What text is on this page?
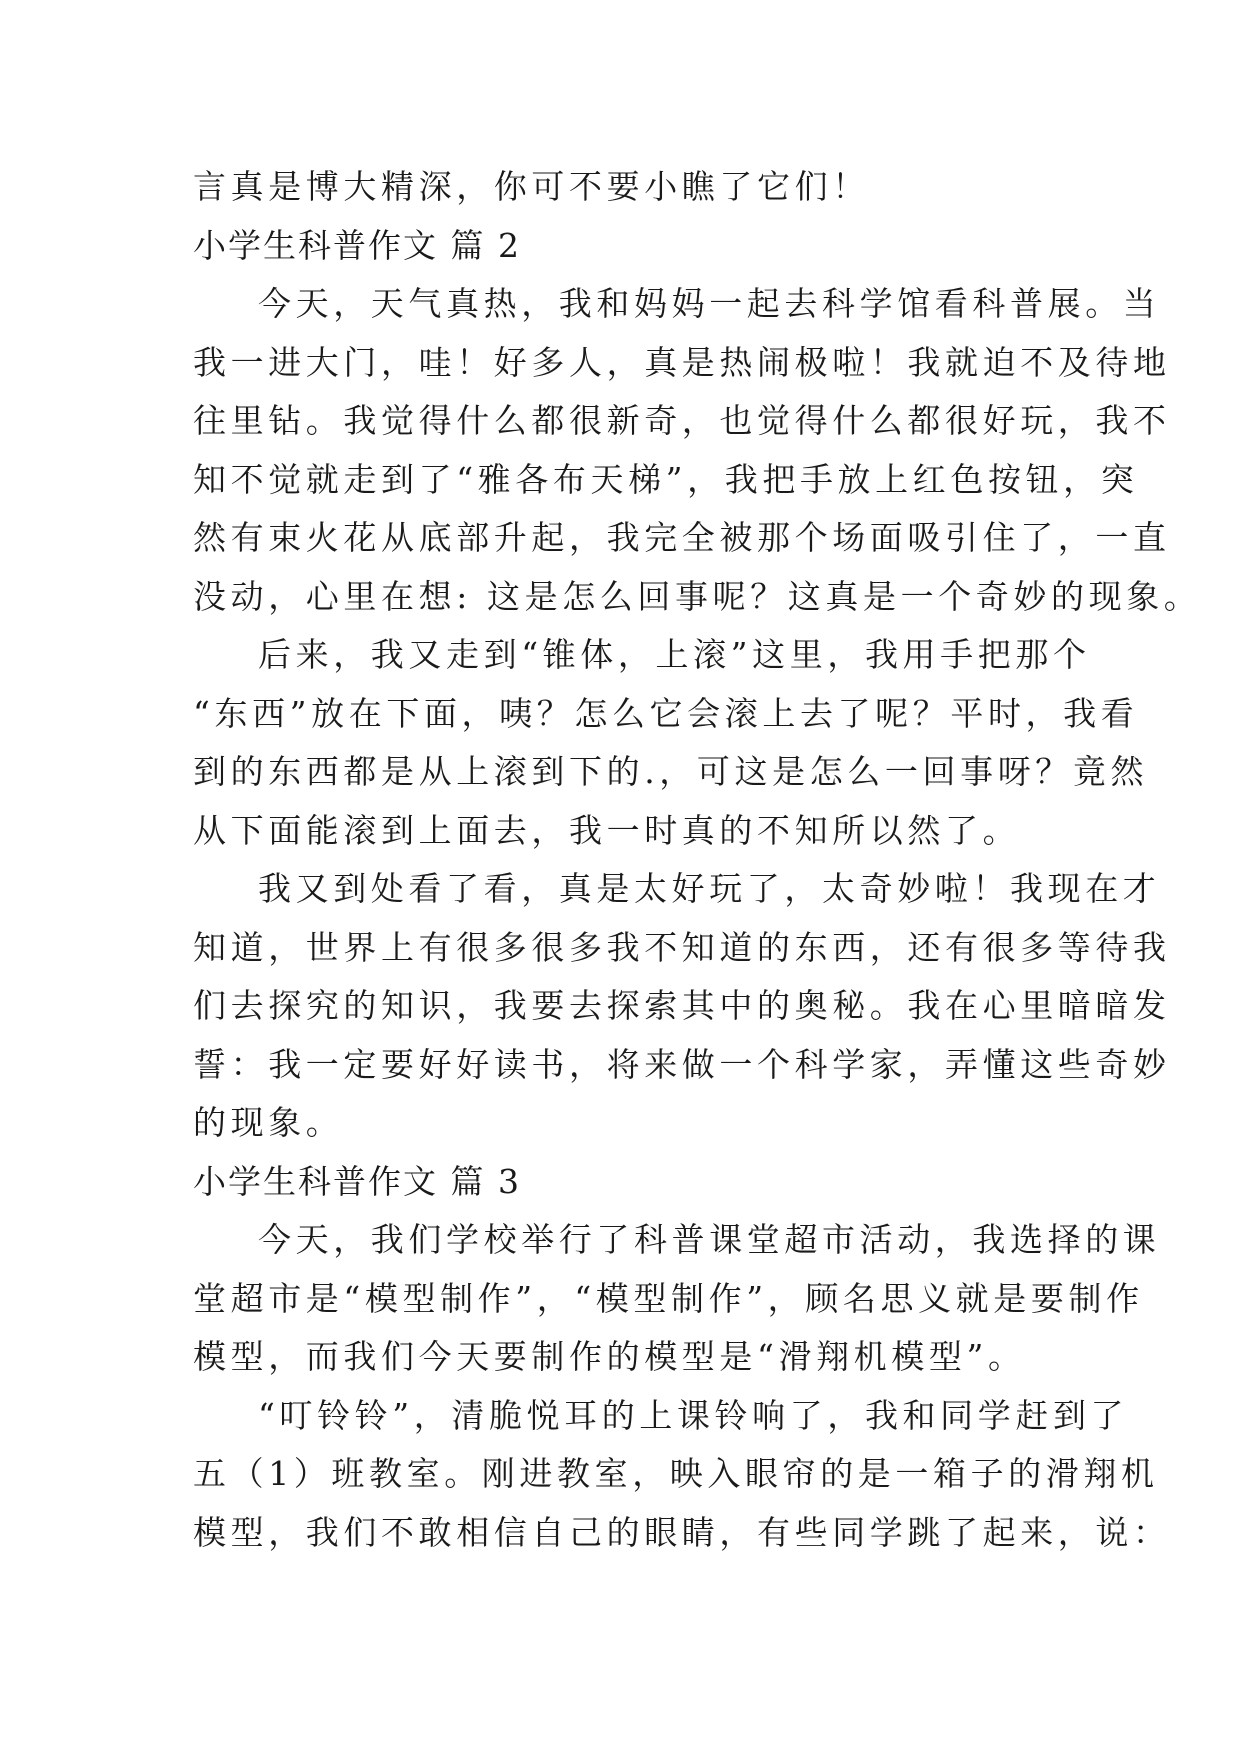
言真是博大精深，你可不要小瞧了它们！
小学生科普作文 篇 2
今天，天气真热，我和妈妈一起去科学馆看科普展。当
我一进大门，哇！好多人，真是热闹极啦！我就迫不及待地
往里钻。我觉得什么都很新奇，也觉得什么都很好玩，我不
知不觉就走到了“雅各布天梯”，我把手放上红色按钮，突
然有束火花从底部升起，我完全被那个场面吸引住了，一直
没动，心里在想: 这是怎么回事呢？这真是一个奇妙的现象。
后来，我又走到“锥体，上滚”这里，我用手把那个
“东西”放在下面，咦？怎么它会滚上去了呢？平时，我看
到的东西都是从上滚到下的.，可这是怎么一回事呀？竟然
从下面能滚到上面去，我一时真的不知所以然了。
我又到处看了看，真是太好玩了，太奇妙啦！我现在才
知道，世界上有很多很多我不知道的东西，还有很多等待我
们去探究的知识，我要去探索其中的奥秘。我在心里暗暗发
誓：我一定要好好读书，将来做一个科学家，弄懂这些奇妙
的现象。
小学生科普作文 篇 3
今天，我们学校举行了科普课堂超市活动，我选择的课
堂超市是“模型制作”，“模型制作”，顾名思义就是要制作
模型，而我们今天要制作的模型是“滑翔机模型”。
“叮铃铃”，清脆悦耳的上课铃响了，我和同学赶到了
五（1）班教室。刚进教室，映入眼帘的是一箱子的滑翔机
模型，我们不敢相信自己的眼睛，有些同学跳了起来，说：
